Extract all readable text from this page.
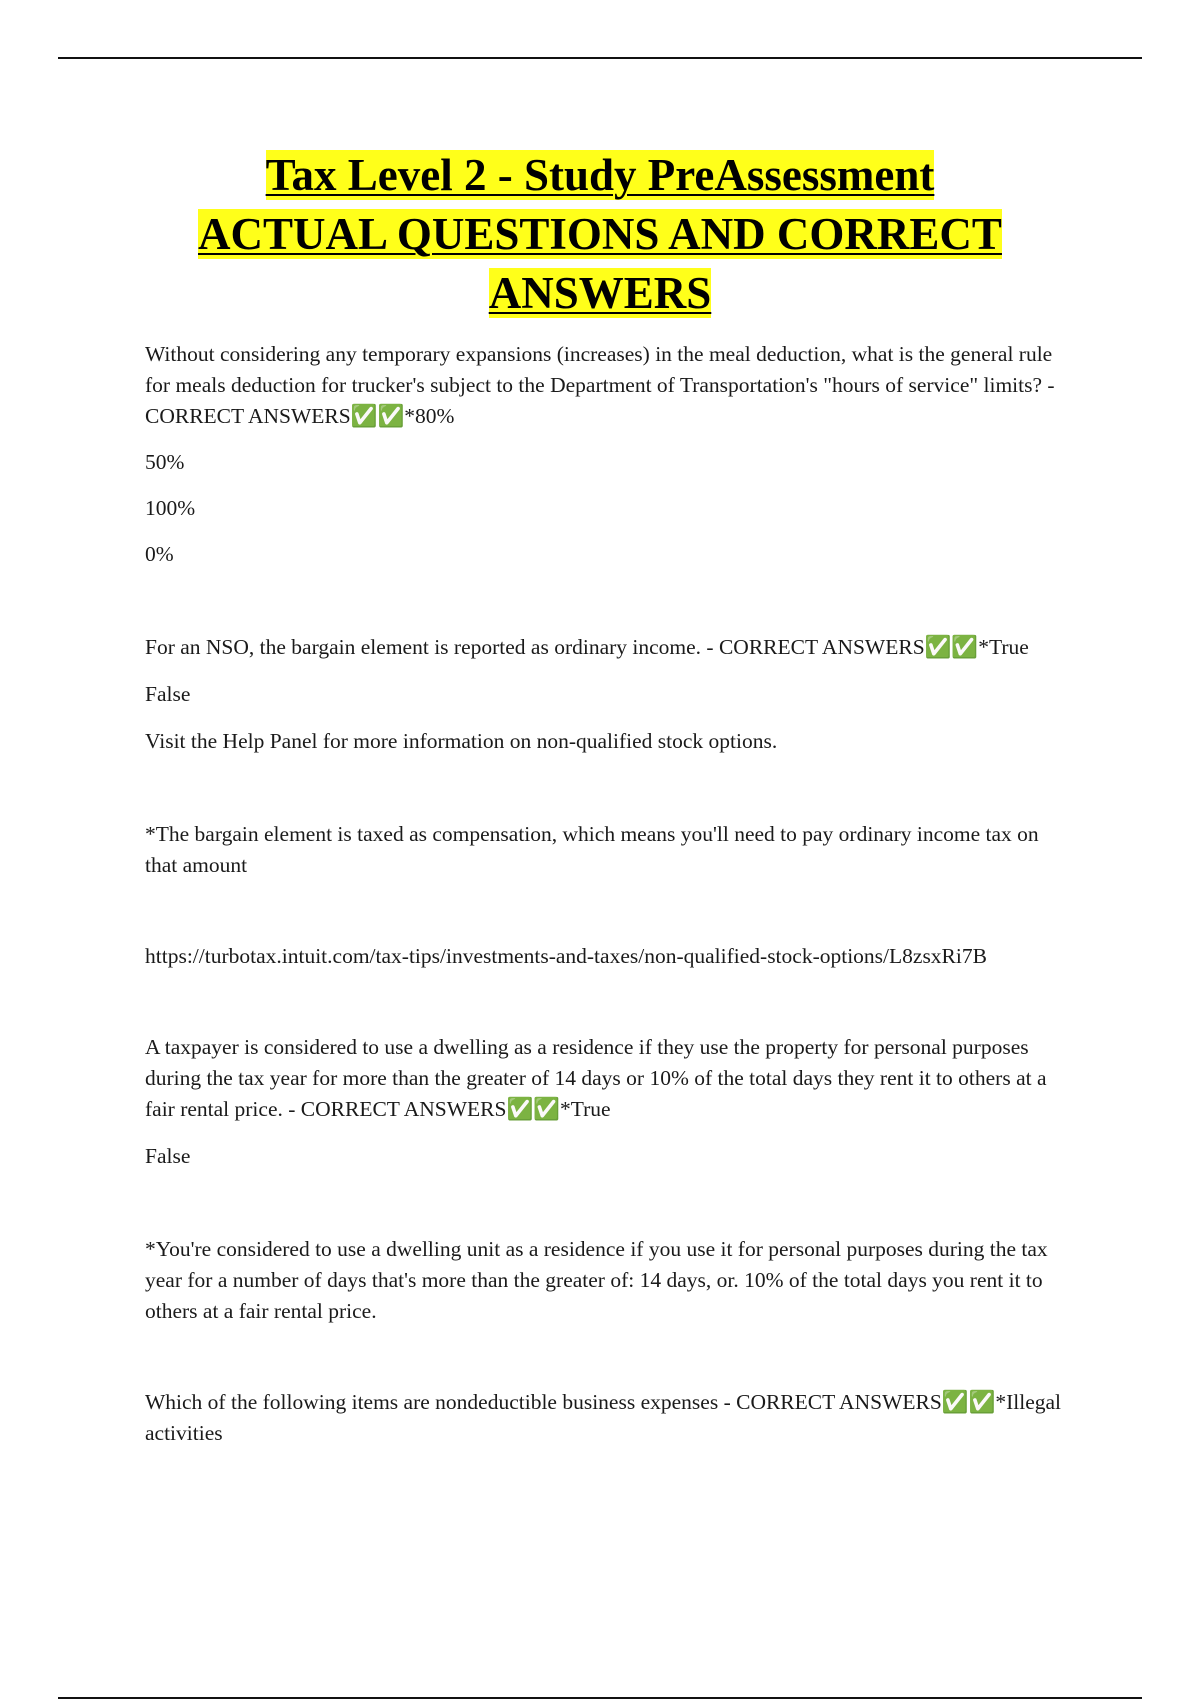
Tax Level 2 - Study PreAssessment
ACTUAL QUESTIONS AND CORRECT
ANSWERS

Without considering any temporary expansions (increases) in the meal deduction, what is the general rule for meals deduction for trucker's subject to the Department of Transportation's "hours of service" limits? - CORRECT ANSWERS✅✅*80%

50%

100%

0%

For an NSO, the bargain element is reported as ordinary income. - CORRECT ANSWERS✅✅*True

False

Visit the Help Panel for more information on non-qualified stock options.

*The bargain element is taxed as compensation, which means you'll need to pay ordinary income tax on that amount

https://turbotax.intuit.com/tax-tips/investments-and-taxes/non-qualified-stock-options/L8zsxRi7B

A taxpayer is considered to use a dwelling as a residence if they use the property for personal purposes during the tax year for more than the greater of 14 days or 10% of the total days they rent it to others at a fair rental price. - CORRECT ANSWERS✅✅*True

False

*You're considered to use a dwelling unit as a residence if you use it for personal purposes during the tax year for a number of days that's more than the greater of: 14 days, or. 10% of the total days you rent it to others at a fair rental price.

Which of the following items are nondeductible business expenses - CORRECT ANSWERS✅✅*Illegal activities
